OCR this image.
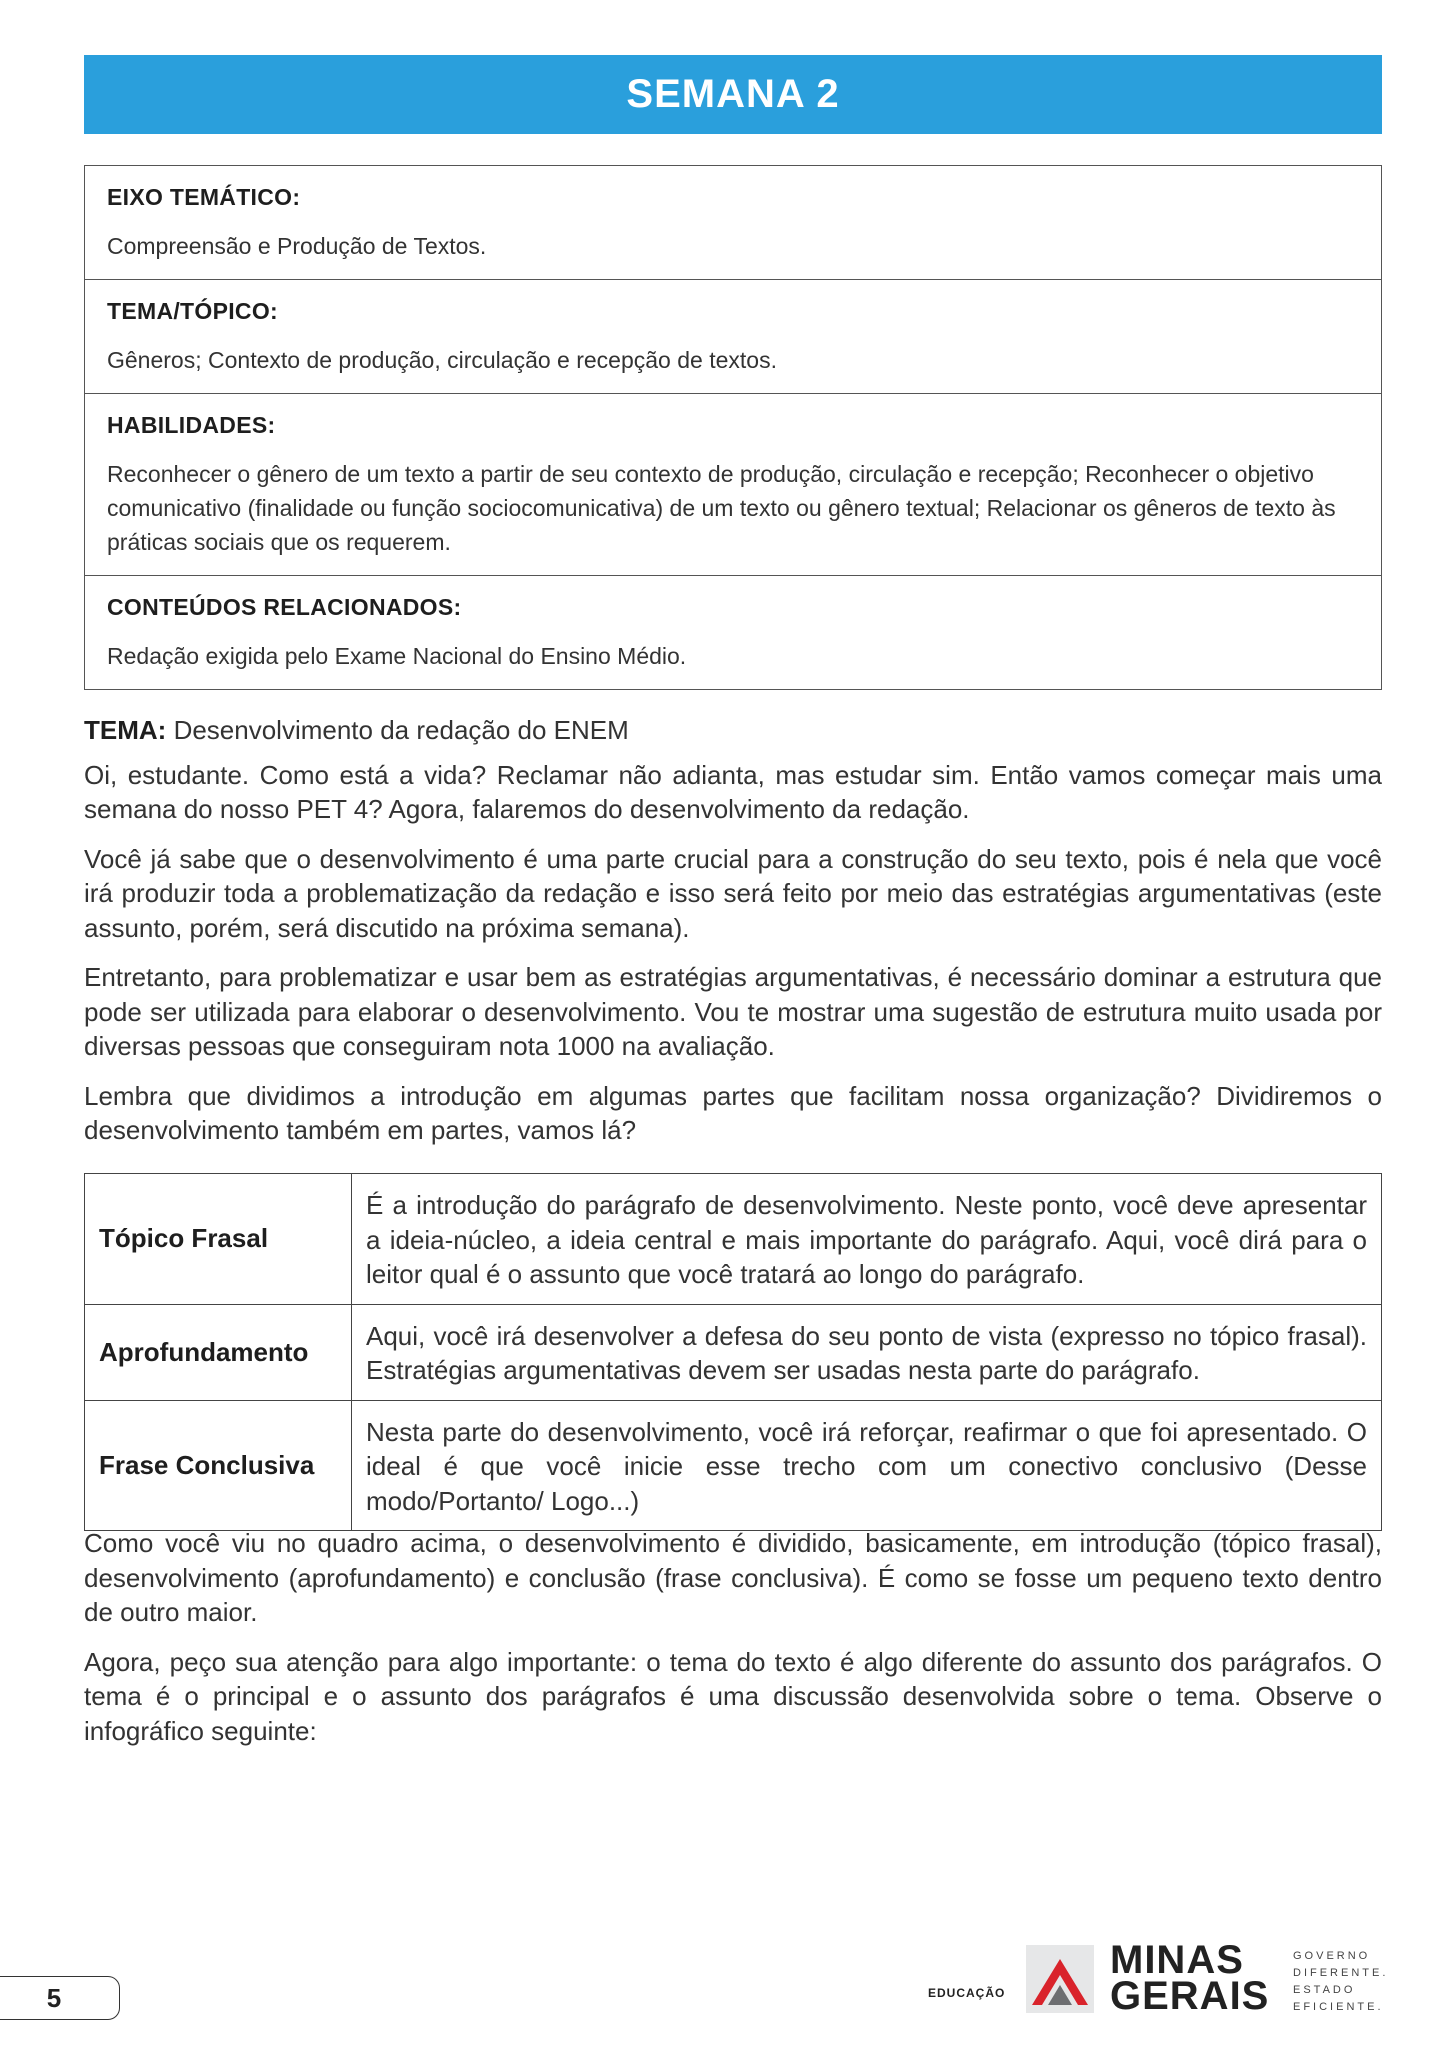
SEMANA 2
EIXO TEMÁTICO:
Compreensão e Produção de Textos.
TEMA/TÓPICO:
Gêneros; Contexto de produção, circulação e recepção de textos.
HABILIDADES:
Reconhecer o gênero de um texto a partir de seu contexto de produção, circulação e recepção; Reconhecer o objetivo comunicativo (finalidade ou função sociocomunicativa) de um texto ou gênero textual; Relacionar os gêneros de texto às práticas sociais que os requerem.
CONTEÚDOS RELACIONADOS:
Redação exigida pelo Exame Nacional do Ensino Médio.

TEMA: Desenvolvimento da redação do ENEM

Oi, estudante. Como está a vida? Reclamar não adianta, mas estudar sim. Então vamos começar mais uma semana do nosso PET 4? Agora, falaremos do desenvolvimento da redação.

Você já sabe que o desenvolvimento é uma parte crucial para a construção do seu texto, pois é nela que você irá produzir toda a problematização da redação e isso será feito por meio das estratégias argumentativas (este assunto, porém, será discutido na próxima semana).

Entretanto, para problematizar e usar bem as estratégias argumentativas, é necessário dominar a estrutura que pode ser utilizada para elaborar o desenvolvimento. Vou te mostrar uma sugestão de estrutura muito usada por diversas pessoas que conseguiram nota 1000 na avaliação.

Lembra que dividimos a introdução em algumas partes que facilitam nossa organização? Dividiremos o desenvolvimento também em partes, vamos lá?

Tópico Frasal	É a introdução do parágrafo de desenvolvimento. Neste ponto, você deve apresentar a ideia-núcleo, a ideia central e mais importante do parágrafo. Aqui, você dirá para o leitor qual é o assunto que você tratará ao longo do parágrafo.
Aprofundamento	Aqui, você irá desenvolver a defesa do seu ponto de vista (expresso no tópico frasal). Estratégias argumentativas devem ser usadas nesta parte do parágrafo.
Frase Conclusiva	Nesta parte do desenvolvimento, você irá reforçar, reafirmar o que foi apresentado. O ideal é que você inicie esse trecho com um conectivo conclusivo (Desse modo/Portanto/ Logo...)

Como você viu no quadro acima, o desenvolvimento é dividido, basicamente, em introdução (tópico frasal), desenvolvimento (aprofundamento) e conclusão (frase conclusiva). É como se fosse um pequeno texto dentro de outro maior.

Agora, peço sua atenção para algo importante: o tema do texto é algo diferente do assunto dos parágrafos. O tema é o principal e o assunto dos parágrafos é uma discussão desenvolvida sobre o tema. Observe o infográfico seguinte:

5	EDUCAÇÃO
MINAS
GERAIS
GOVERNO
DIFERENTE.
ESTADO
EFICIENTE.
